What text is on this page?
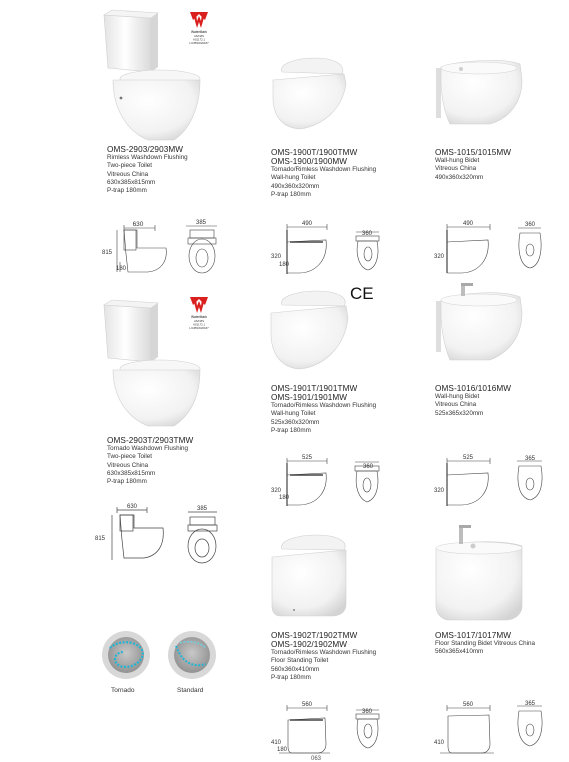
WaterMark
AS/NZS
AS1172.1
LIC/BSW20187
WaterMark
AS/NZS
AS1172.1
LIC/BSW20187
CE
630	385
815
180
490
360
320
180
490	360
320
630	385
815
525
360
320
180
525	365
320
560
360
410
180
560	365
410
OMS-2903/2903MW
Rimless Washdown Flushing
Two-piece Toilet
Vitreous China
630x385x815mm
P-trap 180mm
OMS-1900T/1900TMW
OMS-1900/1900MW
Tornado/Rimless Washdown Flushing
Wall-hung Toilet
490x360x320mm
P-trap 180mm
OMS-1015/1015MW
Wall-hung Bidet
Vitreous China
490x360x320mm
OMS-2903T/2903TMW
Tornado Washdown Flushing
Two-piece Toilet
Vitreous China
630x385x815mm
P-trap 180mm
OMS-1901T/1901TMW
OMS-1901/1901MW
Tornado/Rimless Washdown Flushing
Wall-hung Toilet
525x360x320mm
P-trap 180mm
OMS-1016/1016MW
Wall-hung Bidet
Vitreous China
525x365x320mm
OMS-1902T/1902TMW
OMS-1902/1902MW
Tornado/Rimless Washdown Flushing
Floor Standing Toilet
560x360x410mm
P-trap 180mm
OMS-1017/1017MW
Floor Standing Bidet Vitreous China
560x365x410mm
Tornado	Standard
063
